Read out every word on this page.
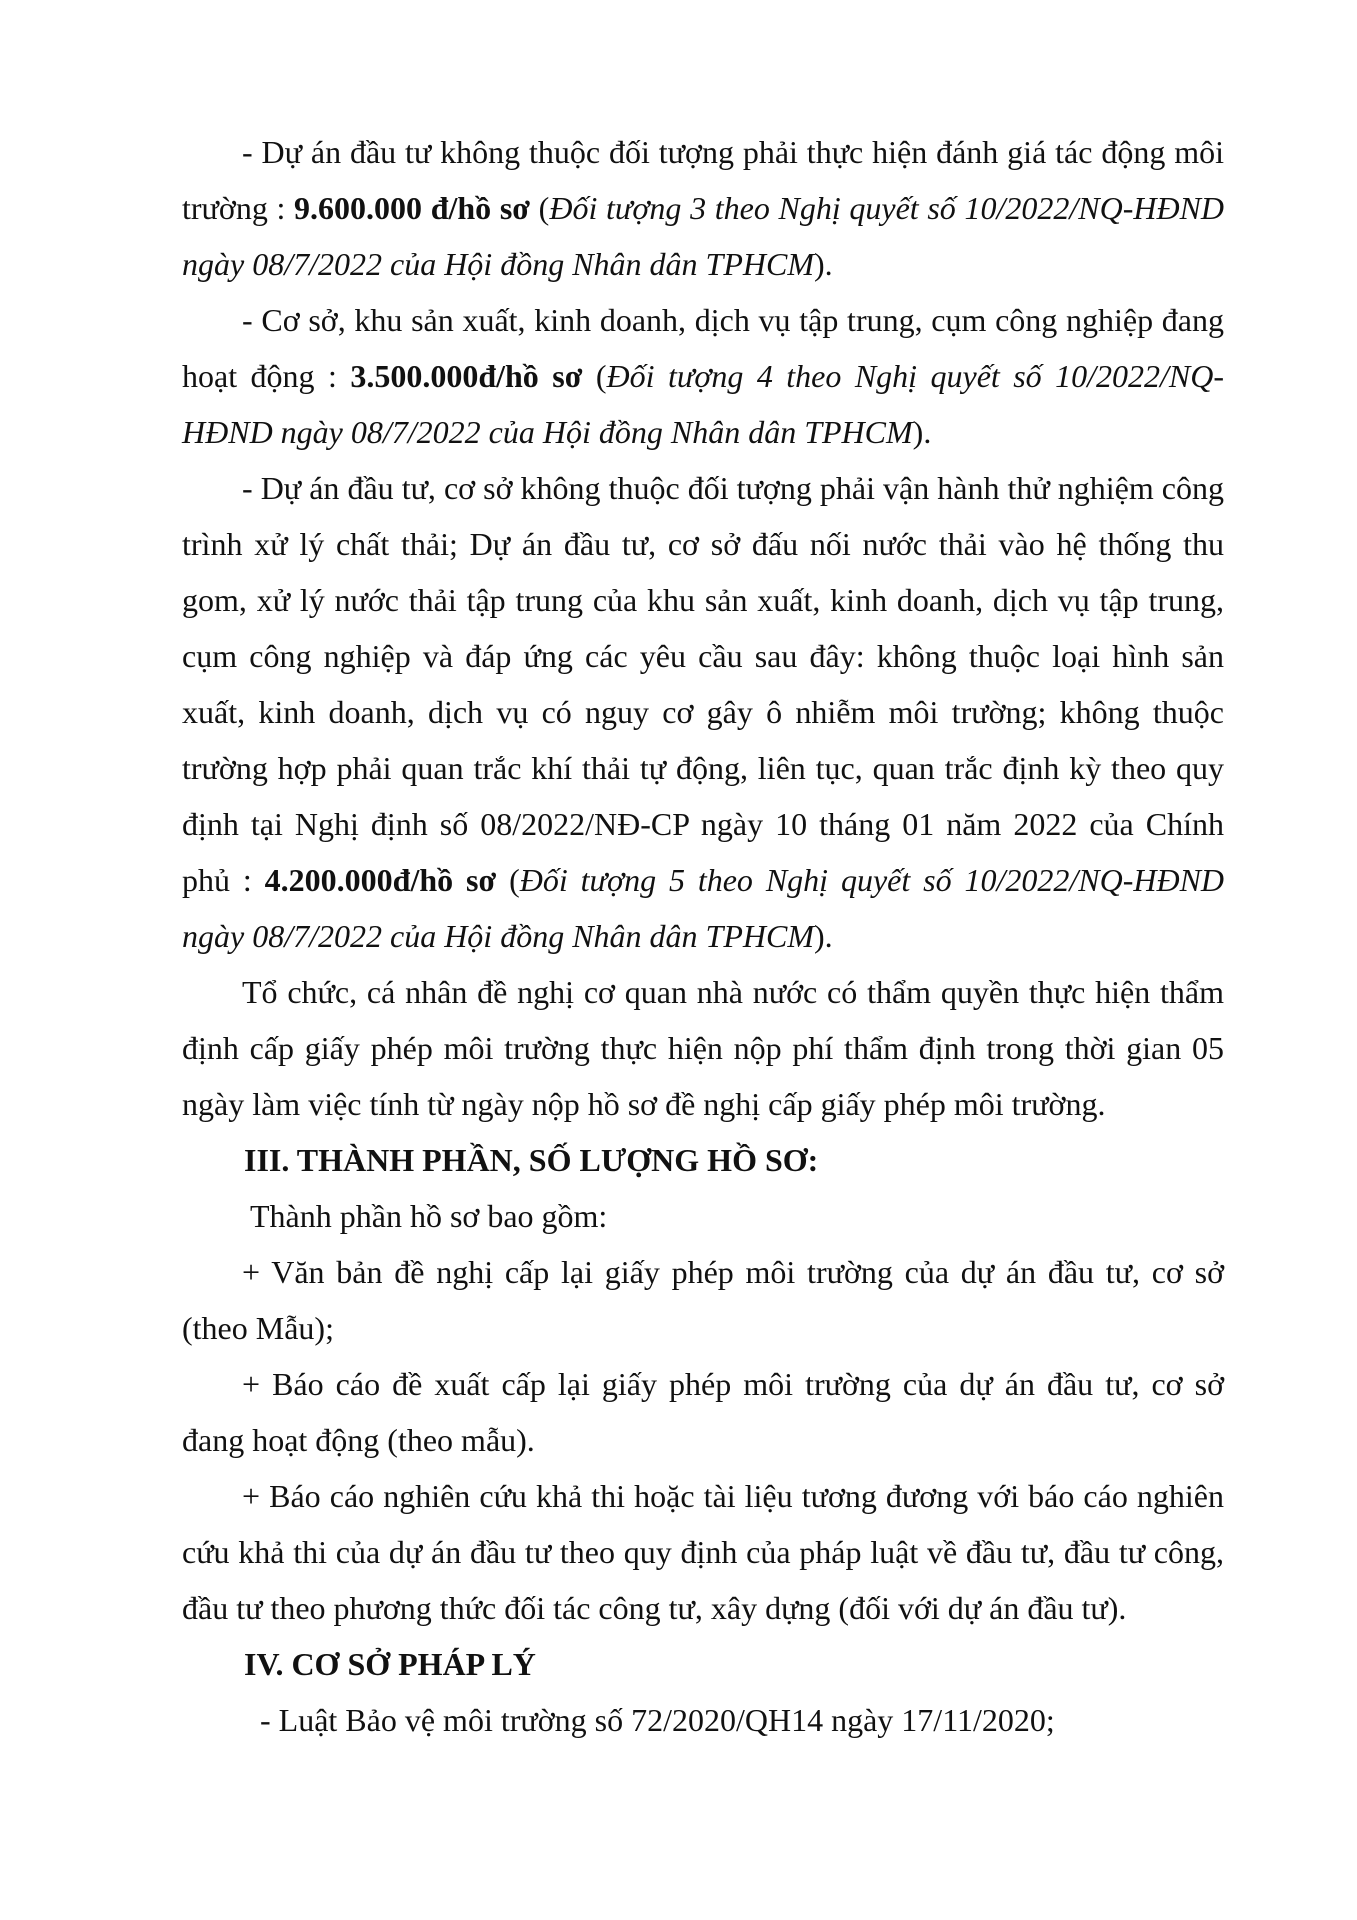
- Dự án đầu tư không thuộc đối tượng phải thực hiện đánh giá tác động môi trường : 9.600.000 đ/hồ sơ (Đối tượng 3 theo Nghị quyết số 10/2022/NQ-HĐND ngày 08/7/2022 của Hội đồng Nhân dân TPHCM).

- Cơ sở, khu sản xuất, kinh doanh, dịch vụ tập trung, cụm công nghiệp đang hoạt động : 3.500.000đ/hồ sơ (Đối tượng 4 theo Nghị quyết số 10/2022/NQ-HĐND ngày 08/7/2022 của Hội đồng Nhân dân TPHCM).

- Dự án đầu tư, cơ sở không thuộc đối tượng phải vận hành thử nghiệm công trình xử lý chất thải; Dự án đầu tư, cơ sở đấu nối nước thải vào hệ thống thu gom, xử lý nước thải tập trung của khu sản xuất, kinh doanh, dịch vụ tập trung, cụm công nghiệp và đáp ứng các yêu cầu sau đây: không thuộc loại hình sản xuất, kinh doanh, dịch vụ có nguy cơ gây ô nhiễm môi trường; không thuộc trường hợp phải quan trắc khí thải tự động, liên tục, quan trắc định kỳ theo quy định tại Nghị định số 08/2022/NĐ-CP ngày 10 tháng 01 năm 2022 của Chính phủ : 4.200.000đ/hồ sơ (Đối tượng 5 theo Nghị quyết số 10/2022/NQ-HĐND ngày 08/7/2022 của Hội đồng Nhân dân TPHCM).

Tổ chức, cá nhân đề nghị cơ quan nhà nước có thẩm quyền thực hiện thẩm định cấp giấy phép môi trường thực hiện nộp phí thẩm định trong thời gian 05 ngày làm việc tính từ ngày nộp hồ sơ đề nghị cấp giấy phép môi trường.

III. THÀNH PHẦN, SỐ LƯỢNG HỒ SƠ:

Thành phần hồ sơ bao gồm:

+ Văn bản đề nghị cấp lại giấy phép môi trường của dự án đầu tư, cơ sở (theo Mẫu);

+ Báo cáo đề xuất cấp lại giấy phép môi trường của dự án đầu tư, cơ sở đang hoạt động (theo mẫu).

+ Báo cáo nghiên cứu khả thi hoặc tài liệu tương đương với báo cáo nghiên cứu khả thi của dự án đầu tư theo quy định của pháp luật về đầu tư, đầu tư công, đầu tư theo phương thức đối tác công tư, xây dựng (đối với dự án đầu tư).

IV. CƠ SỞ PHÁP LÝ

- Luật Bảo vệ môi trường số 72/2020/QH14 ngày 17/11/2020;
